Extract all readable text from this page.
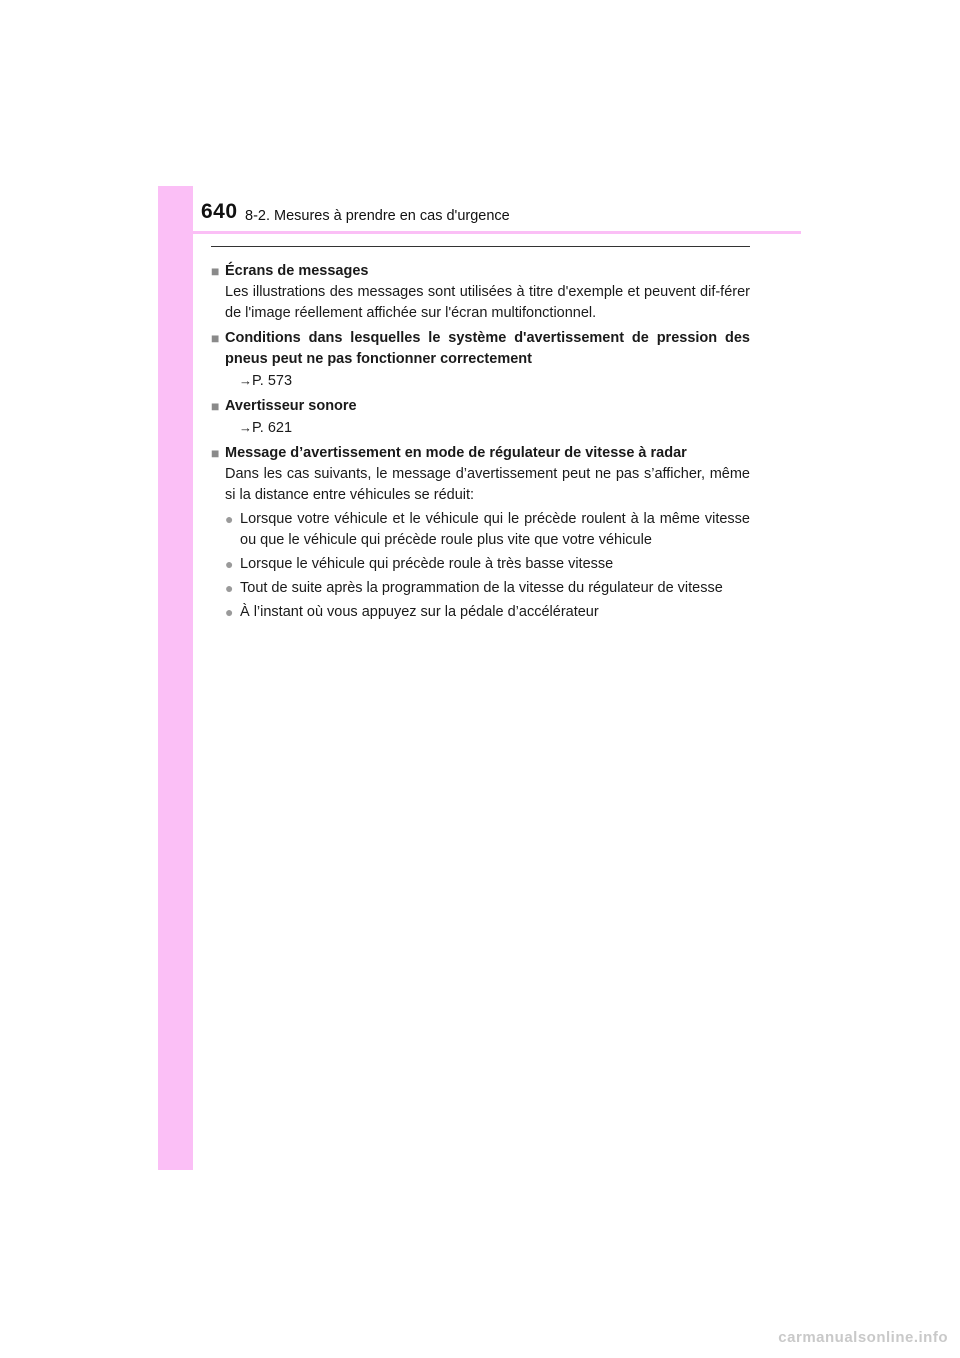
640 8-2. Mesures à prendre en cas d'urgence
■ Écrans de messages
Les illustrations des messages sont utilisées à titre d'exemple et peuvent dif-férer de l'image réellement affichée sur l'écran multifonctionnel.
■ Conditions dans lesquelles le système d'avertissement de pression des pneus peut ne pas fonctionner correctement
→P. 573
■ Avertisseur sonore
→P. 621
■ Message d’avertissement en mode de régulateur de vitesse à radar
Dans les cas suivants, le message d’avertissement peut ne pas s’afficher, même si la distance entre véhicules se réduit:
● Lorsque votre véhicule et le véhicule qui le précède roulent à la même vitesse ou que le véhicule qui précède roule plus vite que votre véhicule
● Lorsque le véhicule qui précède roule à très basse vitesse
● Tout de suite après la programmation de la vitesse du régulateur de vitesse
● À l’instant où vous appuyez sur la pédale d’accélérateur
carmanualsonline.info
